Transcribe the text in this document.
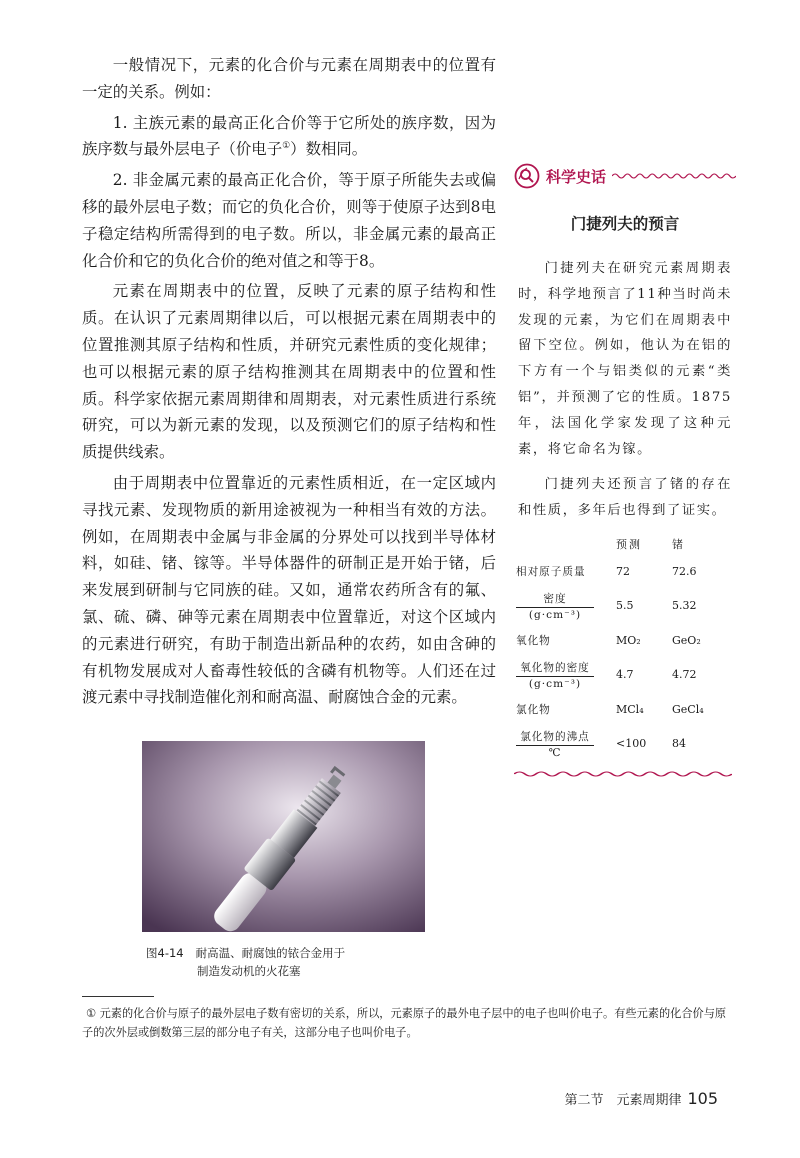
一般情况下，元素的化合价与元素在周期表中的位置有一定的关系。例如：

1. 主族元素的最高正化合价等于它所处的族序数，因为族序数与最外层电子（价电子①）数相同。

2. 非金属元素的最高正化合价，等于原子所能失去或偏移的最外层电子数；而它的负化合价，则等于使原子达到8电子稳定结构所需得到的电子数。所以，非金属元素的最高正化合价和它的负化合价的绝对值之和等于8。

元素在周期表中的位置，反映了元素的原子结构和性质。在认识了元素周期律以后，可以根据元素在周期表中的位置推测其原子结构和性质，并研究元素性质的变化规律；也可以根据元素的原子结构推测其在周期表中的位置和性质。科学家依据元素周期律和周期表，对元素性质进行系统研究，可以为新元素的发现，以及预测它们的原子结构和性质提供线索。

由于周期表中位置靠近的元素性质相近，在一定区域内寻找元素、发现物质的新用途被视为一种相当有效的方法。例如，在周期表中金属与非金属的分界处可以找到半导体材料，如硅、锗、镓等。半导体器件的研制正是开始于锗，后来发展到研制与它同族的硅。又如，通常农药所含有的氟、氯、硫、磷、砷等元素在周期表中位置靠近，对这个区域内的元素进行研究，有助于制造出新品种的农药，如由含砷的有机物发展成对人畜毒性较低的含磷有机物等。人们还在过渡元素中寻找制造催化剂和耐高温、耐腐蚀合金的元素。

科学史话
门捷列夫的预言

门捷列夫在研究元素周期表时，科学地预言了11种当时尚未发现的元素，为它们在周期表中留下空位。例如，他认为在铝的下方有一个与铝类似的元素“类铝”，并预测了它的性质。1875年，法国化学家发现了这种元素，将它命名为镓。

门捷列夫还预言了锗的存在和性质，多年后也得到了证实。

	预测	锗
相对原子质量	72	72.6

$\frac{\text{密度}}{\text{(g·cm⁻³)}}$	5.5	5.32
氧化物	MO₂	GeO₂

$\frac{\text{氧化物的密度}}{\text{(g·cm⁻³)}}$	4.7	4.72
氯化物	MCl₄	GeCl₄

$\frac{\text{氯化物的沸点}}{℃}$	<100	84
图4-14 耐高温、耐腐蚀的铱合金用于
制造发动机的火花塞

① 元素的化合价与原子的最外层电子数有密切的关系，所以，元素原子的最外电子层中的电子也叫价电子。有些元素的化合价与原子的次外层或倒数第三层的部分电子有关，这部分电子也叫价电子。

第二节　元素周期律 105
